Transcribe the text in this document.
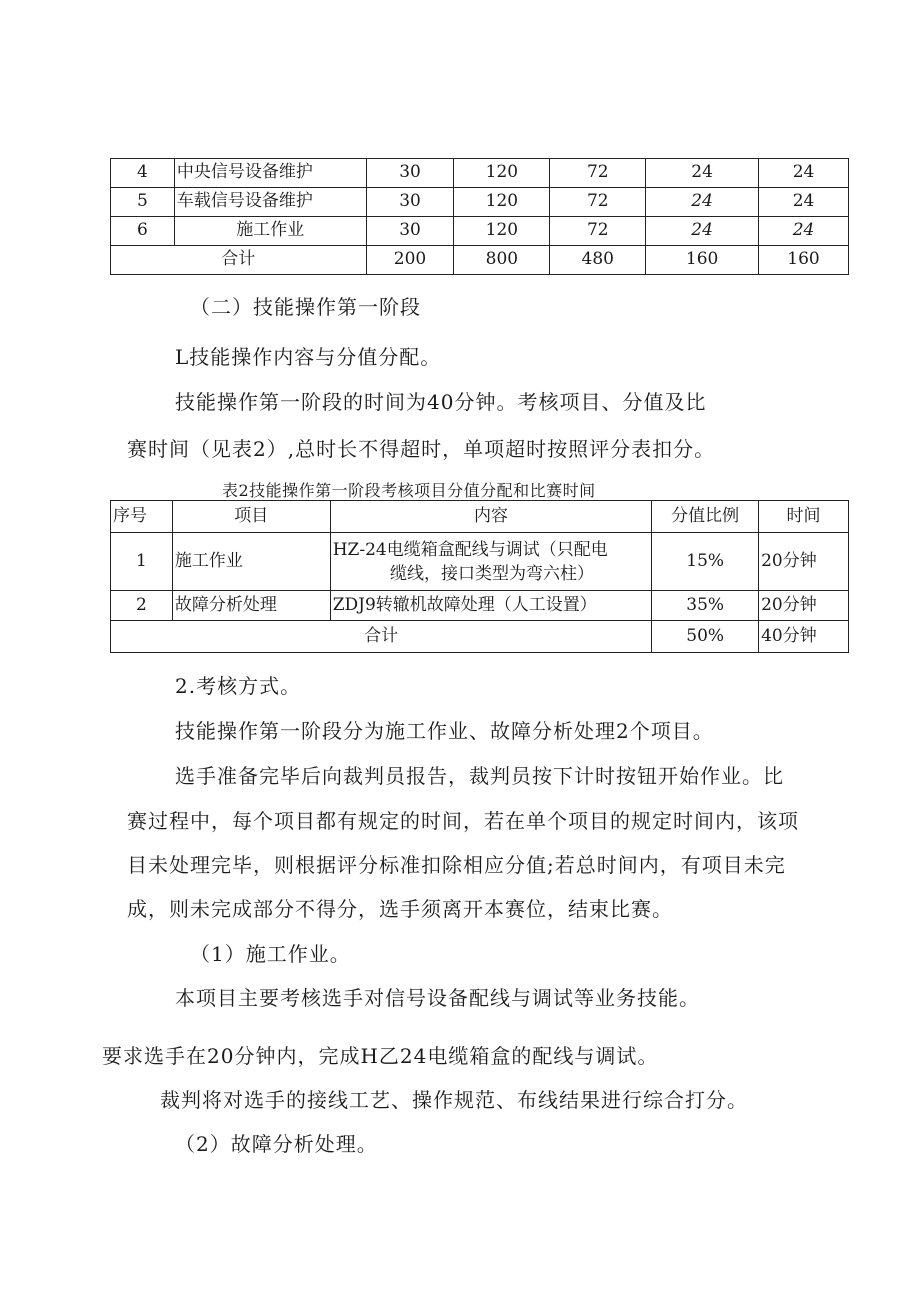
4	中央信号设备维护	30	120	72	24	24
5	车载信号设备维护	30	120	72	24	24
6	施工作业	30	120	72	24	24
合计		200	800	480	160	160
（二）技能操作第一阶段
L技能操作内容与分值分配。
技能操作第一阶段的时间为40分钟。考核项目、分值及比
赛时间（见表2）,总时长不得超时，单项超时按照评分表扣分。
表2技能操作第一阶段考核项目分值分配和比赛时间
序号	项目	内容	分值比例	时间
1	施工作业	HZ-24电缆箱盒配线与调试（只配电
缆线，接口类型为弯六柱）	15%	20分钟
2	故障分析处理	ZDJ9转辙机故障处理（人工设置）	35%	20分钟
合计			50%	40分钟
2.考核方式。
技能操作第一阶段分为施工作业、故障分析处理2个项目。
选手准备完毕后向裁判员报告，裁判员按下计时按钮开始作业。比
赛过程中，每个项目都有规定的时间，若在单个项目的规定时间内，该项
目未处理完毕，则根据评分标准扣除相应分值;若总时间内，有项目未完
成，则未完成部分不得分，选手须离开本赛位，结束比赛。
（1）施工作业。
本项目主要考核选手对信号设备配线与调试等业务技能。
要求选手在20分钟内，完成H乙24电缆箱盒的配线与调试。
裁判将对选手的接线工艺、操作规范、布线结果进行综合打分。
（2）故障分析处理。
